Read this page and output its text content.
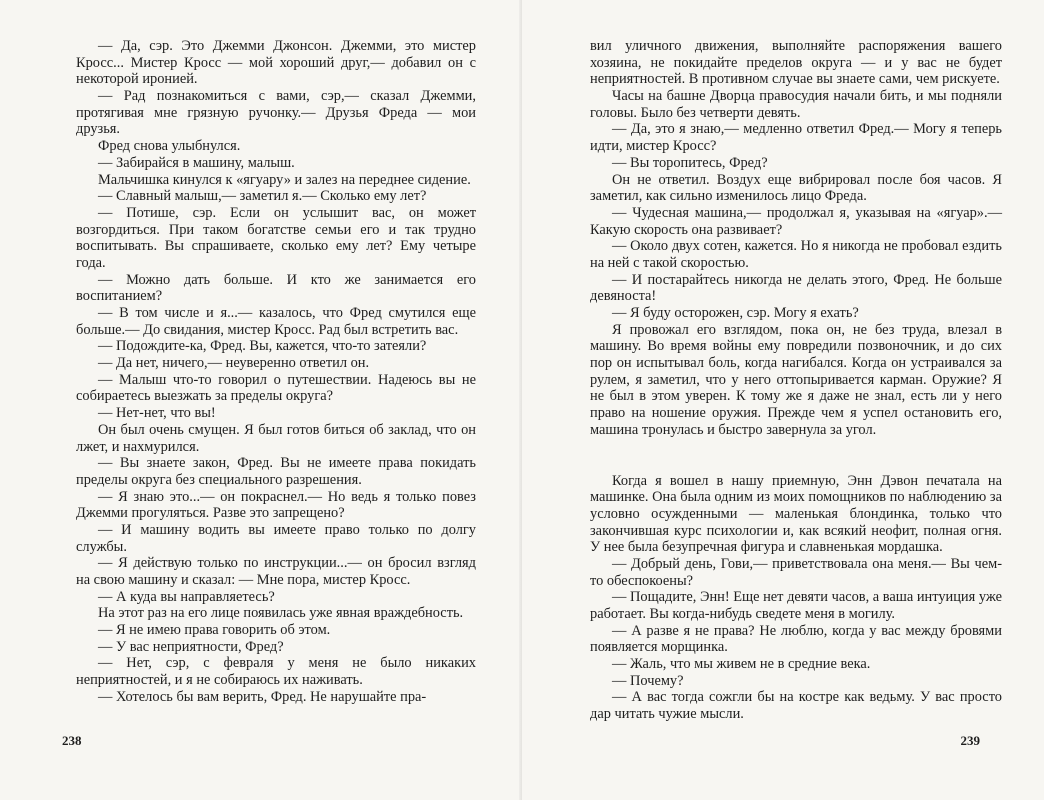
— Да, сэр. Это Джемми Джонсон. Джемми, это мистер Кросс... Мистер Кросс — мой хороший друг,— добавил он с некоторой иронией.

— Рад познакомиться с вами, сэр,— сказал Джемми, протягивая мне грязную ручонку.— Друзья Фреда — мои друзья.

Фред снова улыбнулся.

— Забирайся в машину, малыш.

Мальчишка кинулся к «ягуару» и залез на переднее сидение.

— Славный малыш,— заметил я.— Сколько ему лет?

— Потише, сэр. Если он услышит вас, он может возгордиться. При таком богатстве семьи его и так трудно воспитывать. Вы спрашиваете, сколько ему лет? Ему четыре года.

— Можно дать больше. И кто же занимается его воспитанием?

— В том числе и я...— казалось, что Фред смутился еще больше.— До свидания, мистер Кросс. Рад был встретить вас.

— Подождите-ка, Фред. Вы, кажется, что-то затеяли?

— Да нет, ничего,— неуверенно ответил он.

— Малыш что-то говорил о путешествии. Надеюсь вы не собираетесь выезжать за пределы округа?

— Нет-нет, что вы!

Он был очень смущен. Я был готов биться об заклад, что он лжет, и нахмурился.

— Вы знаете закон, Фред. Вы не имеете права покидать пределы округа без специального разрешения.

— Я знаю это...— он покраснел.— Но ведь я только повез Джемми прогуляться. Разве это запрещено?

— И машину водить вы имеете право только по долгу службы.

— Я действую только по инструкции...— он бросил взгляд на свою машину и сказал: — Мне пора, мистер Кросс.

— А куда вы направляетесь?

На этот раз на его лице появилась уже явная враждебность.

— Я не имею права говорить об этом.

— У вас неприятности, Фред?

— Нет, сэр, с февраля у меня не было никаких неприятностей, и я не собираюсь их наживать.

— Хотелось бы вам верить, Фред. Не нарушайте пра-

238

вил уличного движения, выполняйте распоряжения вашего хозяина, не покидайте пределов округа — и у вас не будет неприятностей. В противном случае вы знаете сами, чем рискуете.

Часы на башне Дворца правосудия начали бить, и мы подняли головы. Было без четверти девять.

— Да, это я знаю,— медленно ответил Фред.— Могу я теперь идти, мистер Кросс?

— Вы торопитесь, Фред?

Он не ответил. Воздух еще вибрировал после боя часов. Я заметил, как сильно изменилось лицо Фреда.

— Чудесная машина,— продолжал я, указывая на «ягуар».— Какую скорость она развивает?

— Около двух сотен, кажется. Но я никогда не пробовал ездить на ней с такой скоростью.

— И постарайтесь никогда не делать этого, Фред. Не больше девяноста!

— Я буду осторожен, сэр. Могу я ехать?

Я провожал его взглядом, пока он, не без труда, влезал в машину. Во время войны ему повредили позвоночник, и до сих пор он испытывал боль, когда нагибался. Когда он устраивался за рулем, я заметил, что у него оттопыривается карман. Оружие? Я не был в этом уверен. К тому же я даже не знал, есть ли у него право на ношение оружия. Прежде чем я успел остановить его, машина тронулась и быстро завернула за угол.

Когда я вошел в нашу приемную, Энн Дэвон печатала на машинке. Она была одним из моих помощников по наблюдению за условно осужденными — маленькая блондинка, только что закончившая курс психологии и, как всякий неофит, полная огня. У нее была безупречная фигура и славненькая мордашка.

— Добрый день, Гови,— приветствовала она меня.— Вы чем-то обеспокоены?

— Пощадите, Энн! Еще нет девяти часов, а ваша интуиция уже работает. Вы когда-нибудь сведете меня в могилу.

— А разве я не права? Не люблю, когда у вас между бровями появляется морщинка.

— Жаль, что мы живем не в средние века.

— Почему?

— А вас тогда сожгли бы на костре как ведьму. У вас просто дар читать чужие мысли.

239
